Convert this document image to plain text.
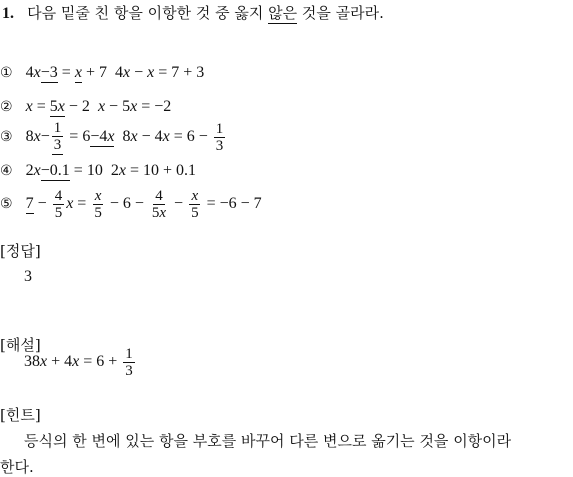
1. 다음 밑줄 친 항을 이항한 것 중 옳지 않은 것을 골라라.
① 4x−3 = x + 7  4x − x = 7 + 3
② x = 5x − 2  x − 5x = −2
③ $8x- \frac{1}{3} = 6-4x$  $8x - 4x = 6 - \frac{1}{3}$
④ 2x−0.1 = 10  2x = 10 + 0.1
⑤ $7 - \frac{4}{5}$ $x = \frac{x}{5} - 6 - \frac{4}{5x} - \frac{x}{5} = -6 - 7$
[정답]
3
[해설]
$38x + 4x = 6 + \frac{1}{3}$
[힌트]
등식의 한 변에 있는 항을 부호를 바꾸어 다른 변으로 옮기는 것을 이항이라
한다.
